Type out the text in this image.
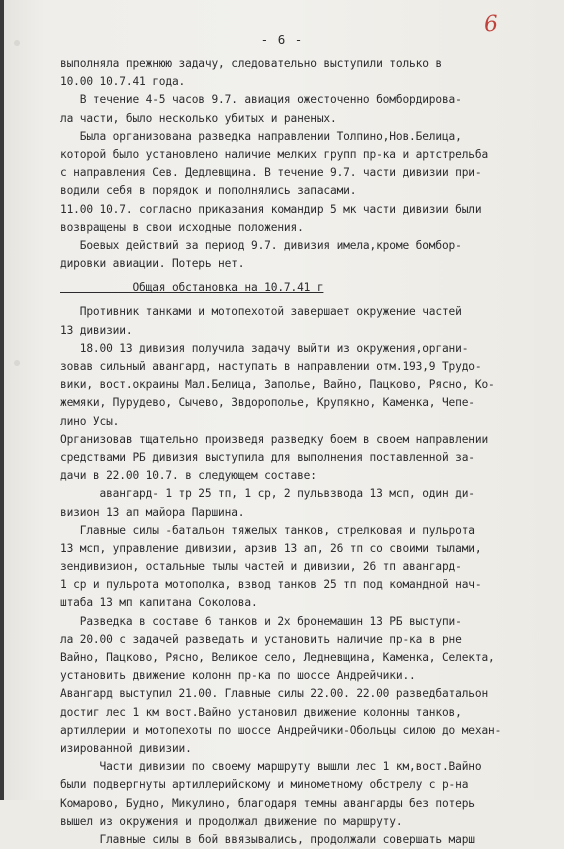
- 6 -
6
выполняла прежнюю задачу, следовательно выступили только в
10.00 10.7.41 года.
В течение 4-5 часов 9.7. авиация ожесточенно бомбордирова-
ла части, было несколько убитых и раненых.
Была организована разведка направлении Толпино,Нов.Белица,
которой было установлено наличие мелких групп пр-ка и артстрельба
с направления Сев. Дедлевщина. В течение 9.7. части дивизии при-
водили себя в порядок и пополнялись запасами.
11.00 10.7. согласно приказания командир 5 мк части дивизии были
возвращены в свои исходные положения.
Боевых действий за период 9.7. дивизия имела,кроме бомбор-
дировки авиации. Потерь нет.
Общая обстановка на 10.7.41 г
Противник танками и мотопехотой завершает окружение частей
13 дивизии.
18.00 13 дивизия получила задачу выйти из окружения,органи-
зовав сильный авангард, наступать в направлении отм.193,9 Трудо-
вики, вост.окраины Мал.Белица, Заполье, Вайно, Пацково, Рясно, Ко-
жемяки, Пурудево, Сычево, Звдорополье, Крупякно, Каменка, Чепе-
лино Усы.
Организовав тщательно произведя разведку боем в своем направлении
средствами РБ дивизия выступила для выполнения поставленной за-
дачи в 22.00 10.7. в следующем составе:
авангард- 1 тр 25 тп, 1 ср, 2 пульвзвода 13 мсп, один ди-
визион 13 ап майора Паршина.
Главные силы -батальон тяжелых танков, стрелковая и пульрота
13 мсп, управление дивизии, арзив 13 ап, 26 тп со своими тылами,
зендивизион, остальные тылы частей и дивизии, 26 тп авангард-
1 ср и пульрота мотополка, взвод танков 25 тп под командной нач-
штаба 13 мп капитана Соколова.
Разведка в составе 6 танков и 2х бронемашин 13 РБ выступи-
ла 20.00 с задачей разведать и установить наличие пр-ка в рне
Вайно, Пацково, Рясно, Великое село, Ледневщина, Каменка, Селекта,
установить движение колонн пр-ка по шоссе Андрейчики..
Авангард выступил 21.00. Главные силы 22.00. 22.00 разведбатальон
достиг лес 1 км вост.Вайно установил движение колонны танков,
артиллерии и мотопехоты по шоссе Андрейчики-Обольцы силою до механ-
изированной дивизии.
Части дивизии по своему маршруту вышли лес 1 км,вост.Вайно
были подвергнуты артиллерийскому и минометному обстрелу с р-на
Комарово, Будно, Микулино, благодаря темны авангарды без потерь
вышел из окружения и продолжал движение по маршруту.
Главные силы в бой ввязывались, продолжали совершать марш
